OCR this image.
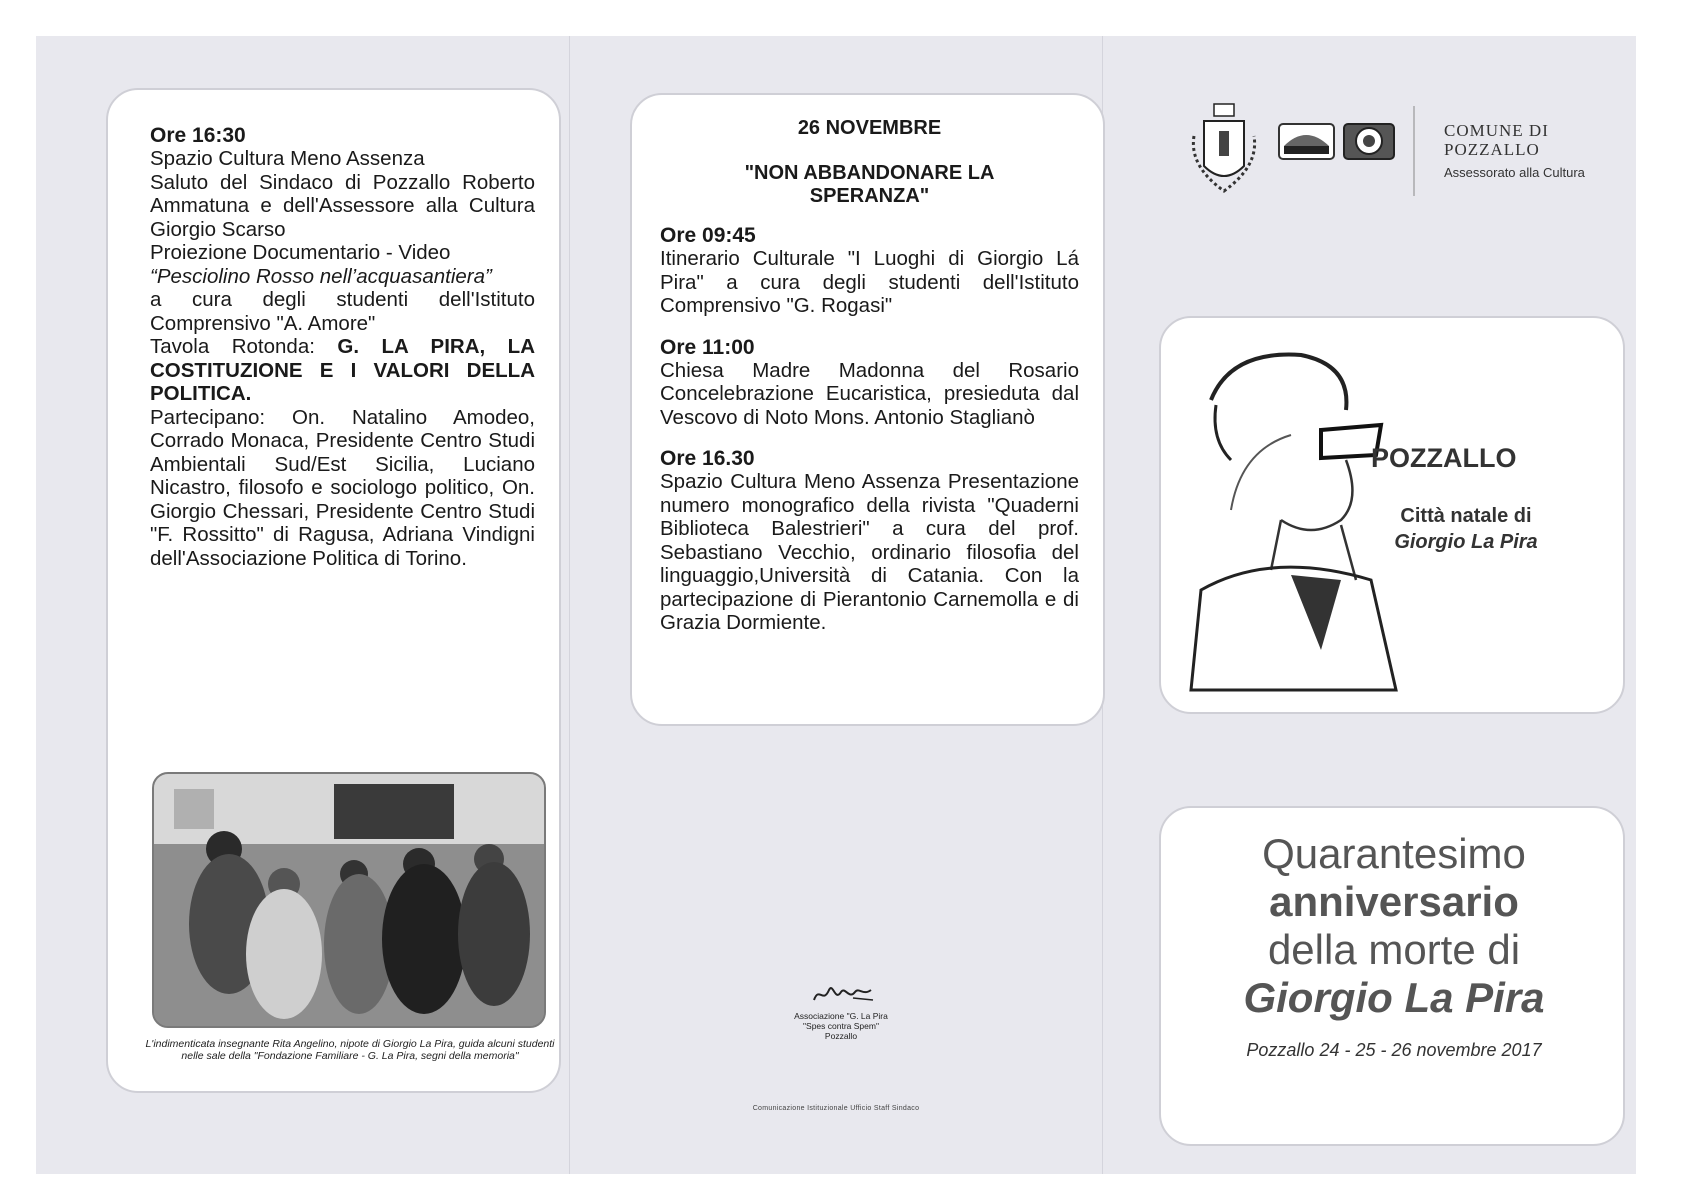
Ore 16:30
Spazio Cultura Meno Assenza
Saluto del Sindaco di Pozzallo Roberto Ammatuna e dell'Assessore alla Cultura Giorgio Scarso
Proiezione Documentario - Video
“Pesciolino Rosso nell’acquasantiera”
a cura degli studenti dell'Istituto Comprensivo "A. Amore"
Tavola Rotonda: G. LA PIRA, LA COSTITUZIONE E I VALORI DELLA POLITICA.
Partecipano: On. Natalino Amodeo, Corrado Monaca, Presidente Centro Studi Ambientali Sud/Est Sicilia, Luciano Nicastro, filosofo e sociologo politico, On. Giorgio Chessari, Presidente Centro Studi "F. Rossitto" di Ragusa, Adriana Vindigni dell'Associazione Politica di Torino.
L'indimenticata insegnante Rita Angelino, nipote di Giorgio La Pira, guida alcuni studenti nelle sale della "Fondazione Familiare - G. La Pira, segni della memoria"
26 NOVEMBRE
"NON ABBANDONARE LA SPERANZA"
Ore 09:45
Itinerario Culturale "I Luoghi di Giorgio Lá Pira" a cura degli studenti dell'Istituto Comprensivo "G. Rogasi"
Ore 11:00
Chiesa Madre Madonna del Rosario Concelebrazione Eucaristica, presieduta dal Vescovo di Noto Mons. Antonio Staglianò
Ore 16.30
Spazio Cultura Meno Assenza Presentazione numero monografico della rivista "Quaderni Biblioteca Balestrieri" a cura del prof. Sebastiano Vecchio, ordinario filosofia del linguaggio,Università di Catania. Con la partecipazione di Pierantonio Carnemolla e di Grazia Dormiente.
Associazione "G. La Pira
"Spes contra Spem"
Pozzallo
Comunicazione Istituzionale Ufficio Staff Sindaco
COMUNE DI
POZZALLO
Assessorato alla Cultura
POZZALLO
Città natale di
Giorgio La Pira
Quarantesimo
anniversario
della morte di
Giorgio La Pira
Pozzallo 24 - 25 - 26 novembre 2017
